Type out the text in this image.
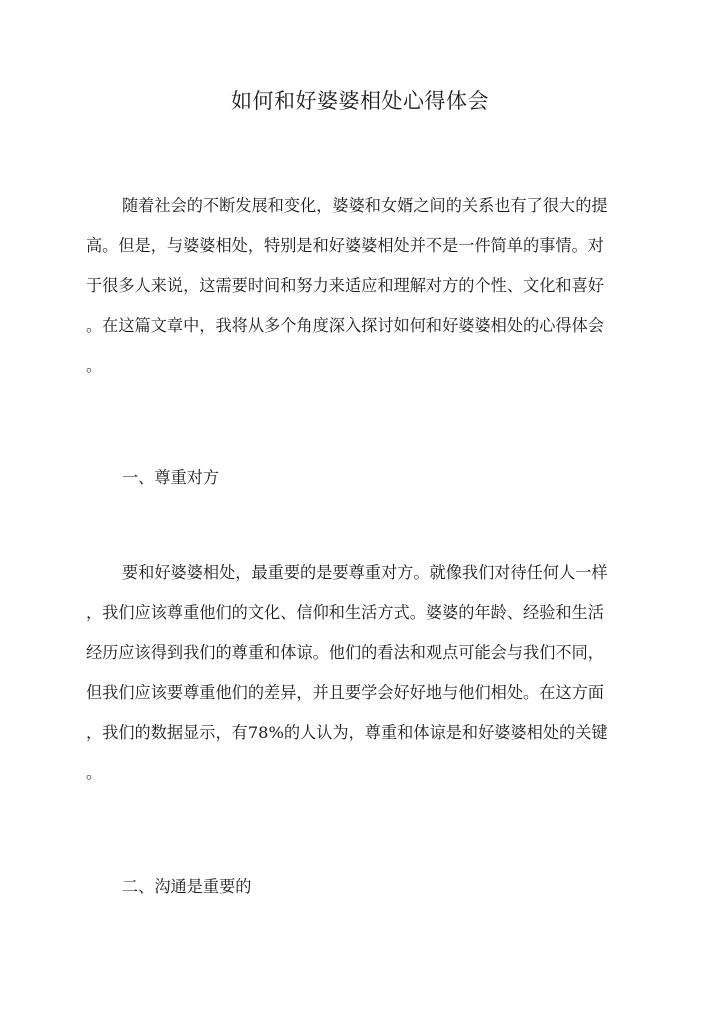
如何和好婆婆相处心得体会
随着社会的不断发展和变化，婆婆和女婿之间的关系也有了很大的提
高。但是，与婆婆相处，特别是和好婆婆相处并不是一件简单的事情。对
于很多人来说，这需要时间和努力来适应和理解对方的个性、文化和喜好
。在这篇文章中，我将从多个角度深入探讨如何和好婆婆相处的心得体会
。
一、尊重对方
要和好婆婆相处，最重要的是要尊重对方。就像我们对待任何人一样
，我们应该尊重他们的文化、信仰和生活方式。婆婆的年龄、经验和生活
经历应该得到我们的尊重和体谅。他们的看法和观点可能会与我们不同，
但我们应该要尊重他们的差异，并且要学会好好地与他们相处。在这方面
，我们的数据显示，有78%的人认为，尊重和体谅是和好婆婆相处的关键
。
二、沟通是重要的
